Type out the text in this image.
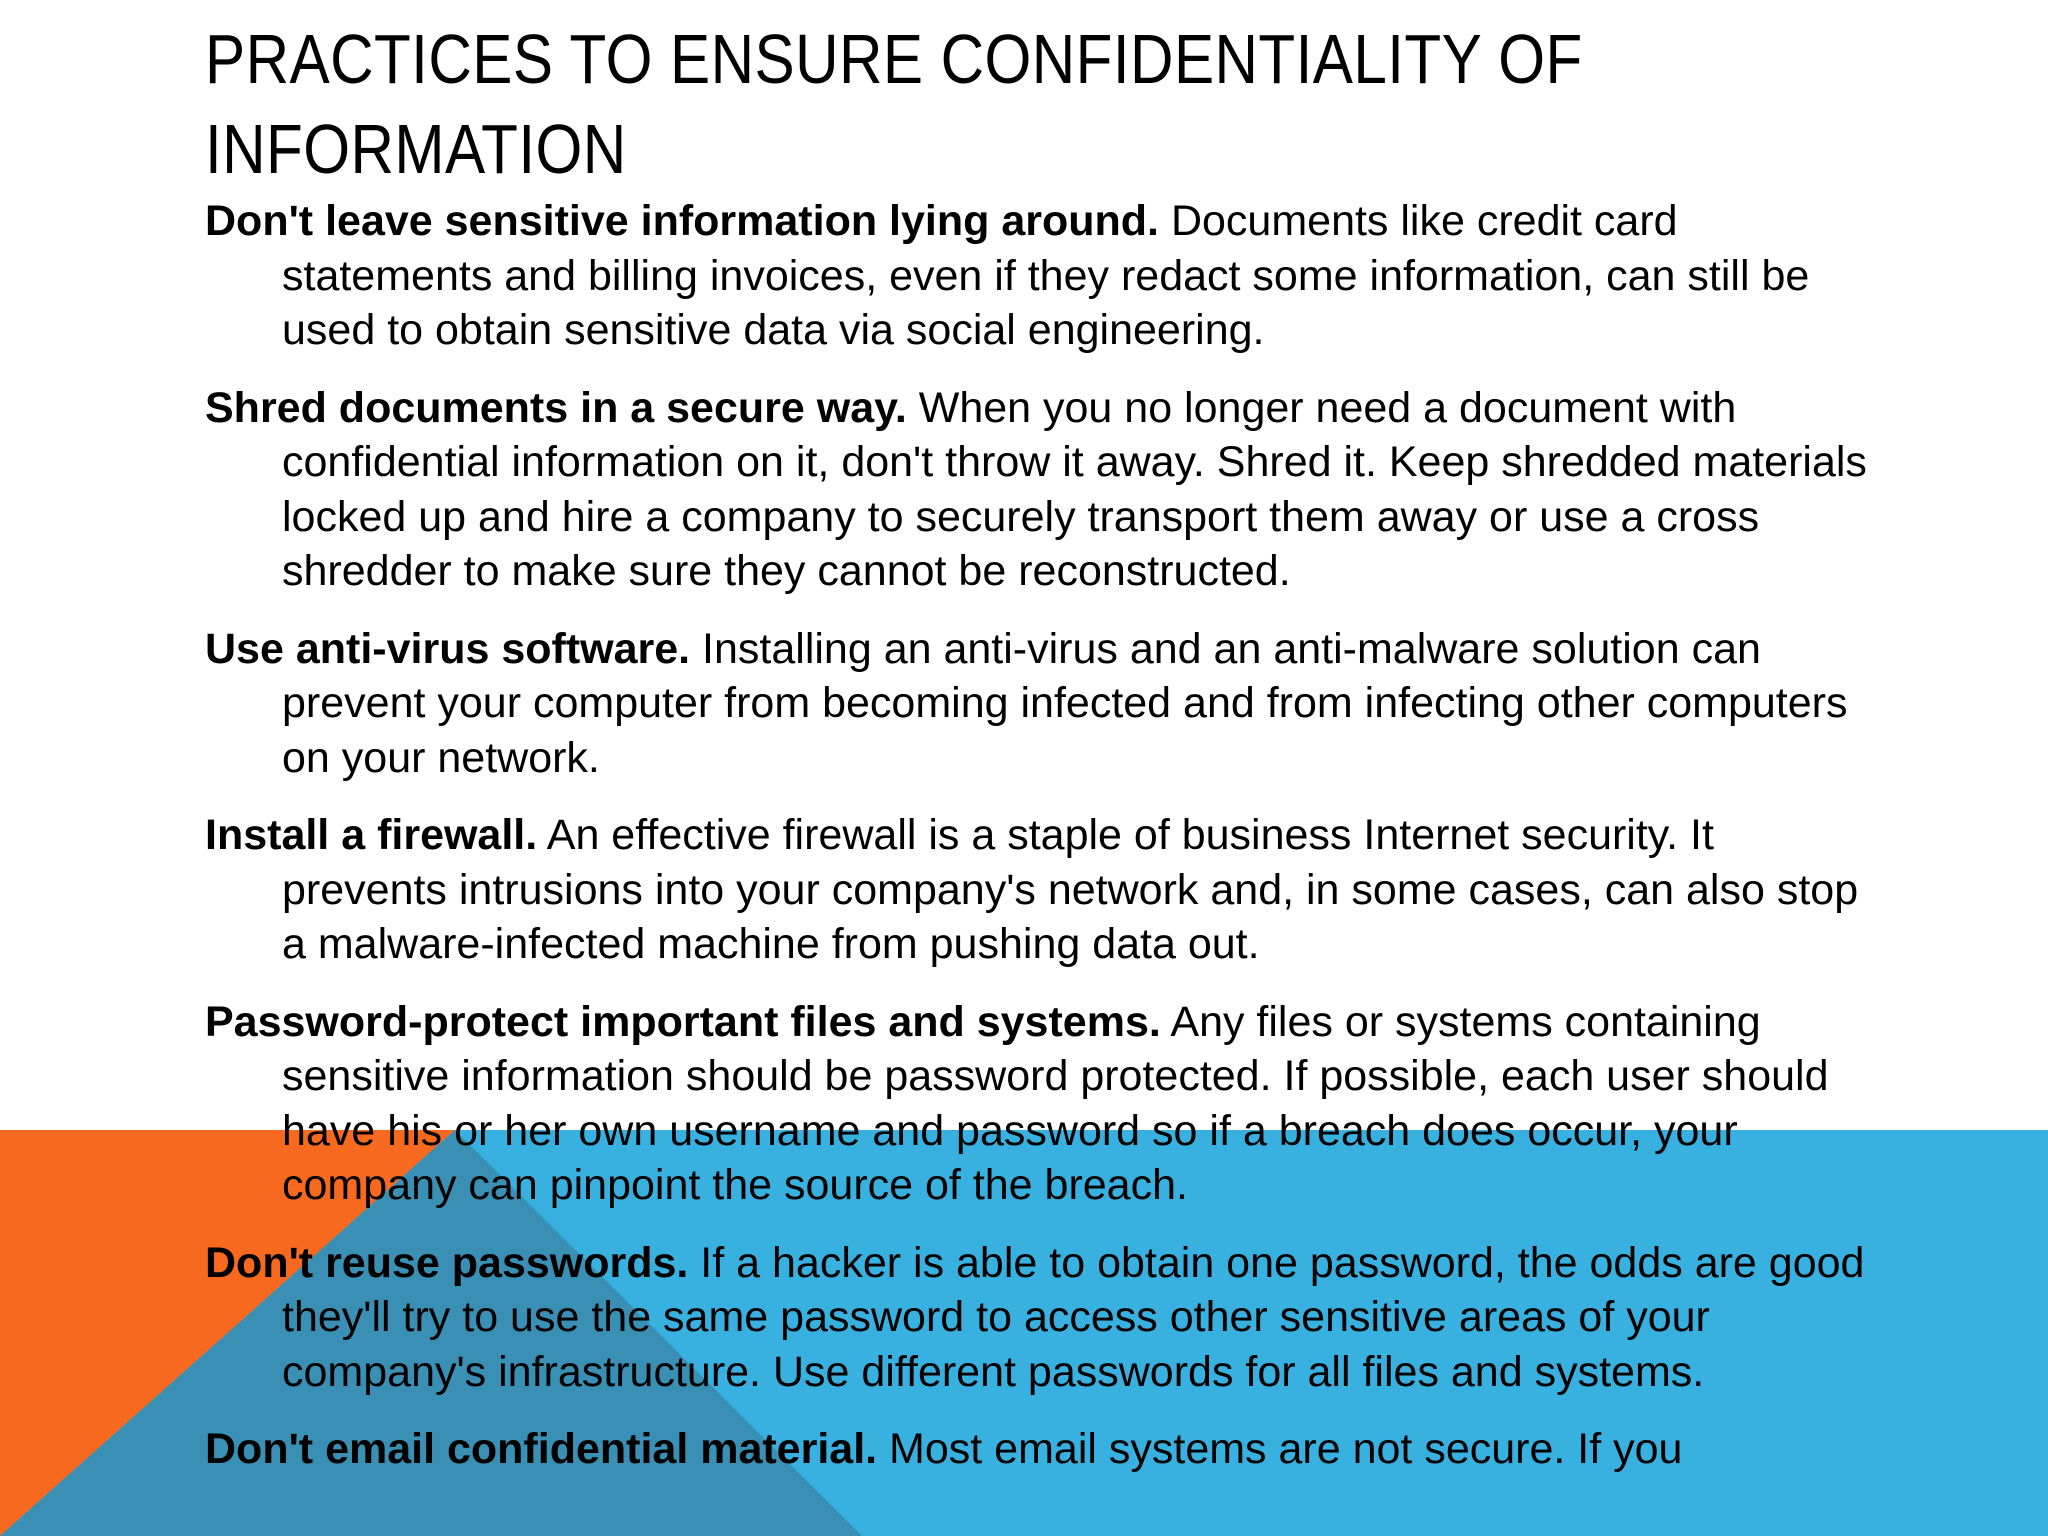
PRACTICES TO ENSURE CONFIDENTIALITY OF INFORMATION

Don't leave sensitive information lying around. Documents like credit card statements and billing invoices, even if they redact some information, can still be used to obtain sensitive data via social engineering.

Shred documents in a secure way. When you no longer need a document with confidential information on it, don't throw it away. Shred it. Keep shredded materials locked up and hire a company to securely transport them away or use a cross shredder to make sure they cannot be reconstructed.

Use anti-virus software. Installing an anti-virus and an anti-malware solution can prevent your computer from becoming infected and from infecting other computers on your network.

Install a firewall. An effective firewall is a staple of business Internet security. It prevents intrusions into your company's network and, in some cases, can also stop a malware-infected machine from pushing data out.

Password-protect important files and systems. Any files or systems containing sensitive information should be password protected. If possible, each user should have his or her own username and password so if a breach does occur, your company can pinpoint the source of the breach.

Don't reuse passwords. If a hacker is able to obtain one password, the odds are good they'll try to use the same password to access other sensitive areas of your company's infrastructure. Use different passwords for all files and systems.

Don't email confidential material. Most email systems are not secure. If you
